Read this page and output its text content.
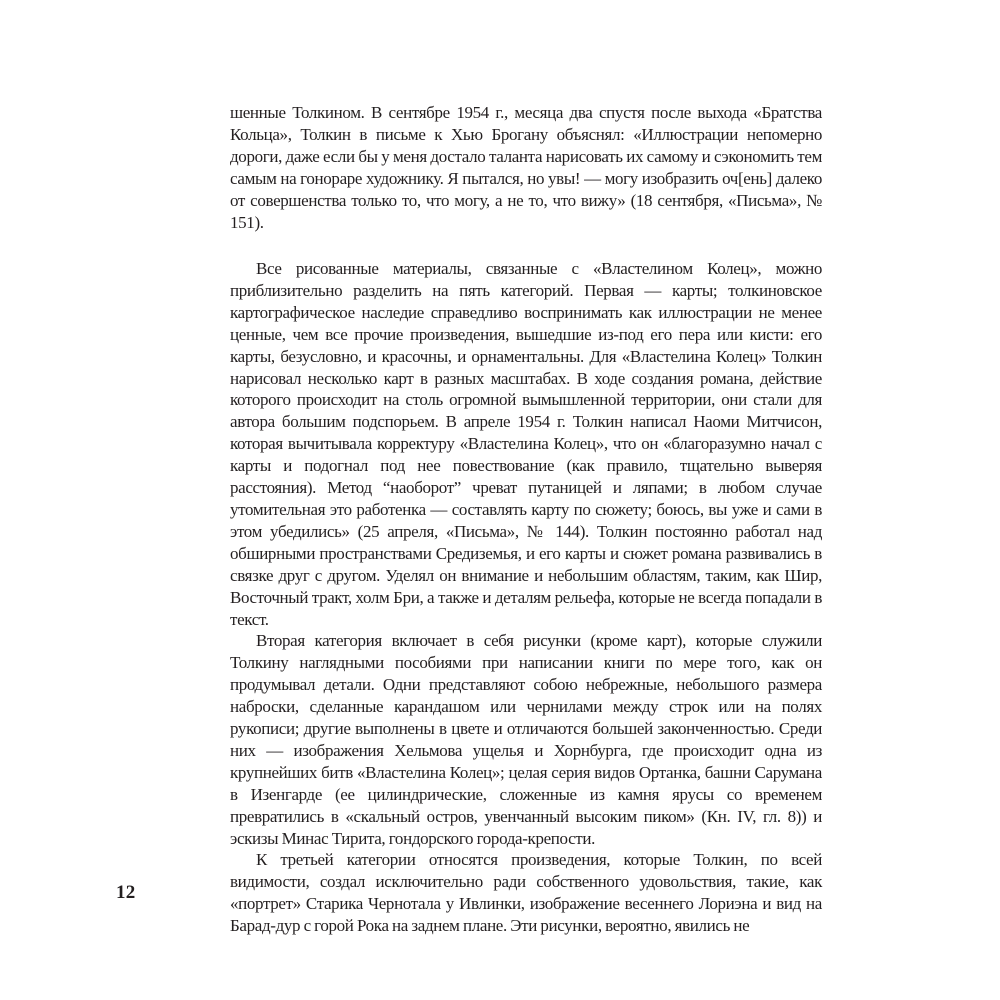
шенные Толкином. В сентябре 1954 г., месяца два спустя после выхода «Братства Кольца», Толкин в письме к Хью Брогану объяснял: «Иллюстрации непомерно дороги, даже если бы у меня достало таланта нарисовать их самому и сэкономить тем самым на гонораре художнику. Я пытался, но увы! — могу изобразить оч[ень] далеко от совершенства только то, что могу, а не то, что вижу» (18 сентября, «Письма», № 151).

Все рисованные материалы, связанные с «Властелином Колец», можно приблизительно разделить на пять категорий. Первая — карты; толкиновское картографическое наследие справедливо воспринимать как иллюстрации не менее ценные, чем все прочие произведения, вышедшие из-под его пера или кисти: его карты, безусловно, и красочны, и орнаментальны. Для «Властелина Колец» Толкин нарисовал несколько карт в разных масштабах. В ходе создания романа, действие которого происходит на столь огромной вымышленной территории, они стали для автора большим подспорьем. В апреле 1954 г. Толкин написал Наоми Митчисон, которая вычитывала корректуру «Властелина Колец», что он «благоразумно начал с карты и подогнал под нее повествование (как правило, тщательно выверяя расстояния). Метод “наоборот” чреват путаницей и ляпами; в любом случае утомительная это работенка — составлять карту по сюжету; боюсь, вы уже и сами в этом убедились» (25 апреля, «Письма», № 144). Толкин постоянно работал над обширными пространствами Средиземья, и его карты и сюжет романа развивались в связке друг с другом. Уделял он внимание и небольшим областям, таким, как Шир, Восточный тракт, холм Бри, а также и деталям рельефа, которые не всегда попадали в текст.

Вторая категория включает в себя рисунки (кроме карт), которые служили Толкину наглядными пособиями при написании книги по мере того, как он продумывал детали. Одни представляют собою небрежные, небольшого размера наброски, сделанные карандашом или чернилами между строк или на полях рукописи; другие выполнены в цвете и отличаются большей законченностью. Среди них — изображения Хельмова ущелья и Хорнбурга, где происходит одна из крупнейших битв «Властелина Колец»; целая серия видов Ортанка, башни Сарумана в Изенгарде (ее цилиндрические, сложенные из камня ярусы со временем превратились в «скальный остров, увенчанный высоким пиком» (Кн. IV, гл. 8)) и эскизы Минас Тирита, гондорского города-крепости.

К третьей категории относятся произведения, которые Толкин, по всей видимости, создал исключительно ради собственного удовольствия, такие, как «портрет» Старика Чернотала у Ивлинки, изображение весеннего Лориэна и вид на Барад-дур с горой Рока на заднем плане. Эти рисунки, вероятно, явились не

12
